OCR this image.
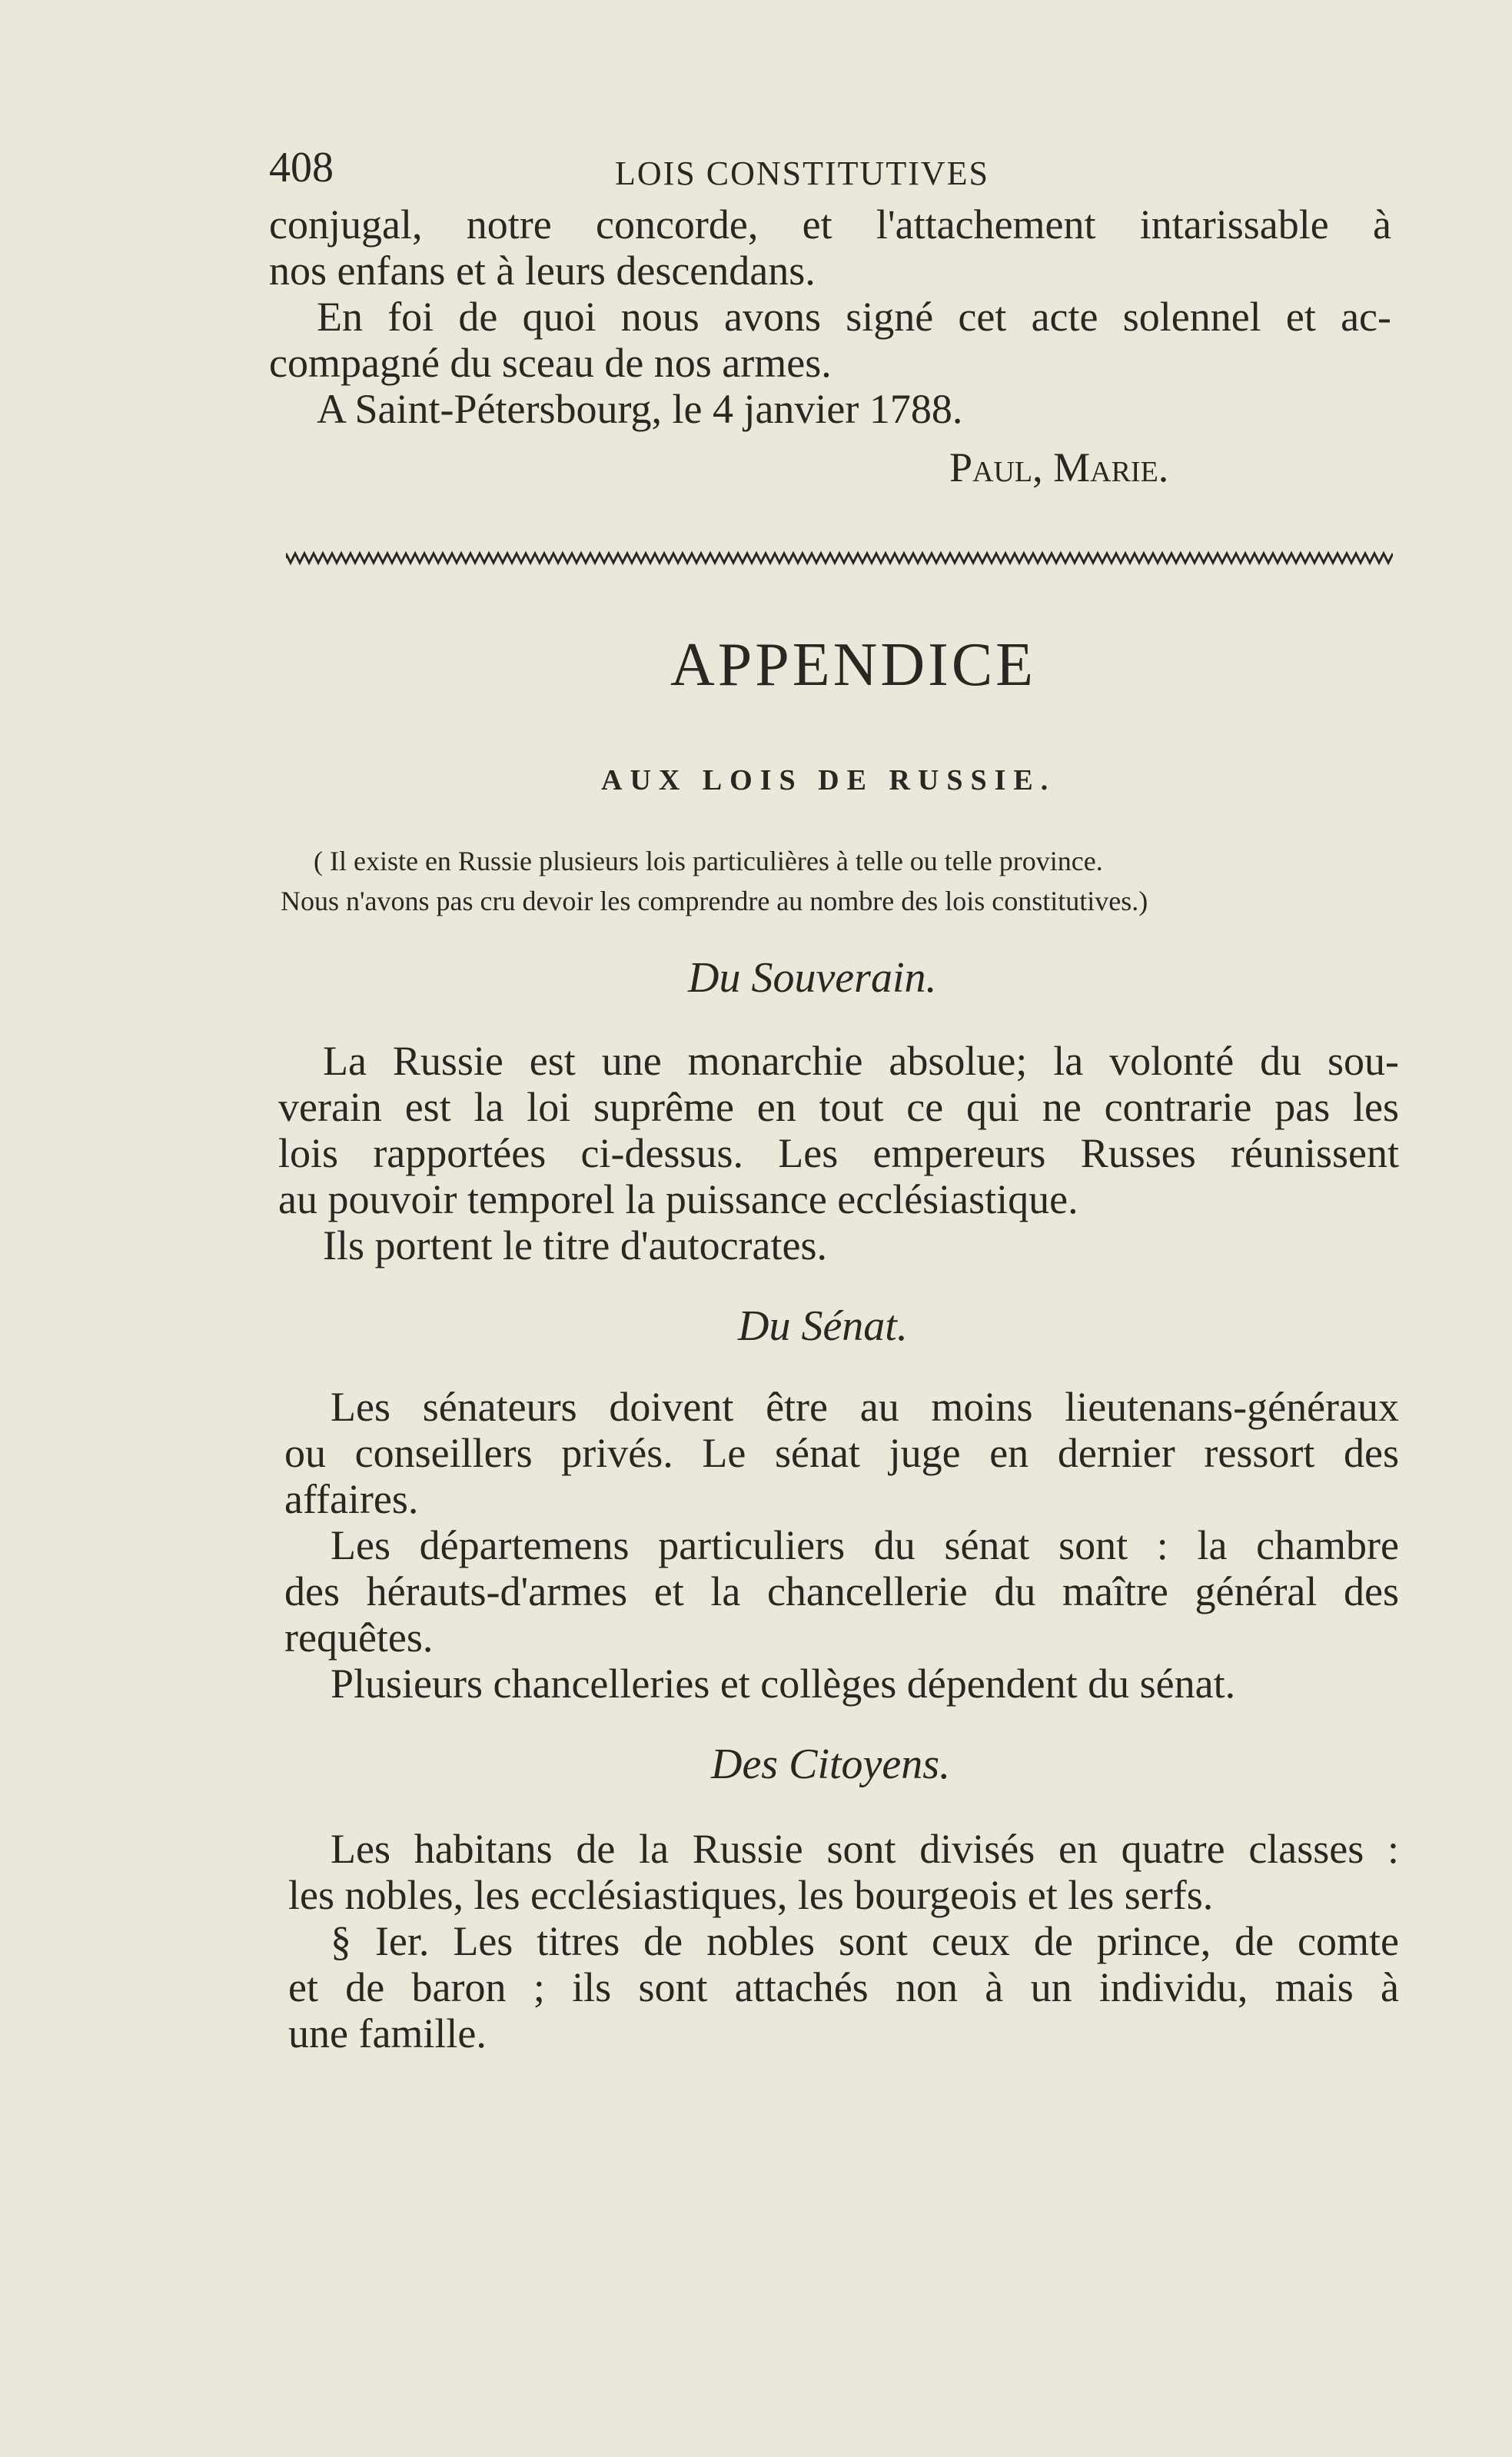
408	LOIS CONSTITUTIVES
conjugal, notre concorde, et l'attachement intarissable à
nos enfans et à leurs descendans.
En foi de quoi nous avons signé cet acte solennel et ac-
compagné du sceau de nos armes.
A Saint-Pétersbourg, le 4 janvier 1788.
Paul, Marie.
APPENDICE
AUX LOIS DE RUSSIE.
( Il existe en Russie plusieurs lois particulières à telle ou telle province.
Nous n'avons pas cru devoir les comprendre au nombre des lois constitutives.)
Du Souverain.
La Russie est une monarchie absolue; la volonté du sou-
verain est la loi suprême en tout ce qui ne contrarie pas les
lois rapportées ci-dessus. Les empereurs Russes réunissent
au pouvoir temporel la puissance ecclésiastique.
Ils portent le titre d'autocrates.
Du Sénat.
Les sénateurs doivent être au moins lieutenans-généraux
ou conseillers privés. Le sénat juge en dernier ressort des
affaires.
Les départemens particuliers du sénat sont : la chambre
des hérauts-d'armes et la chancellerie du maître général des
requêtes.
Plusieurs chancelleries et collèges dépendent du sénat.
Des Citoyens.
Les habitans de la Russie sont divisés en quatre classes :
les nobles, les ecclésiastiques, les bourgeois et les serfs.
§ Ier. Les titres de nobles sont ceux de prince, de comte
et de baron ; ils sont attachés non à un individu, mais à
une famille.
